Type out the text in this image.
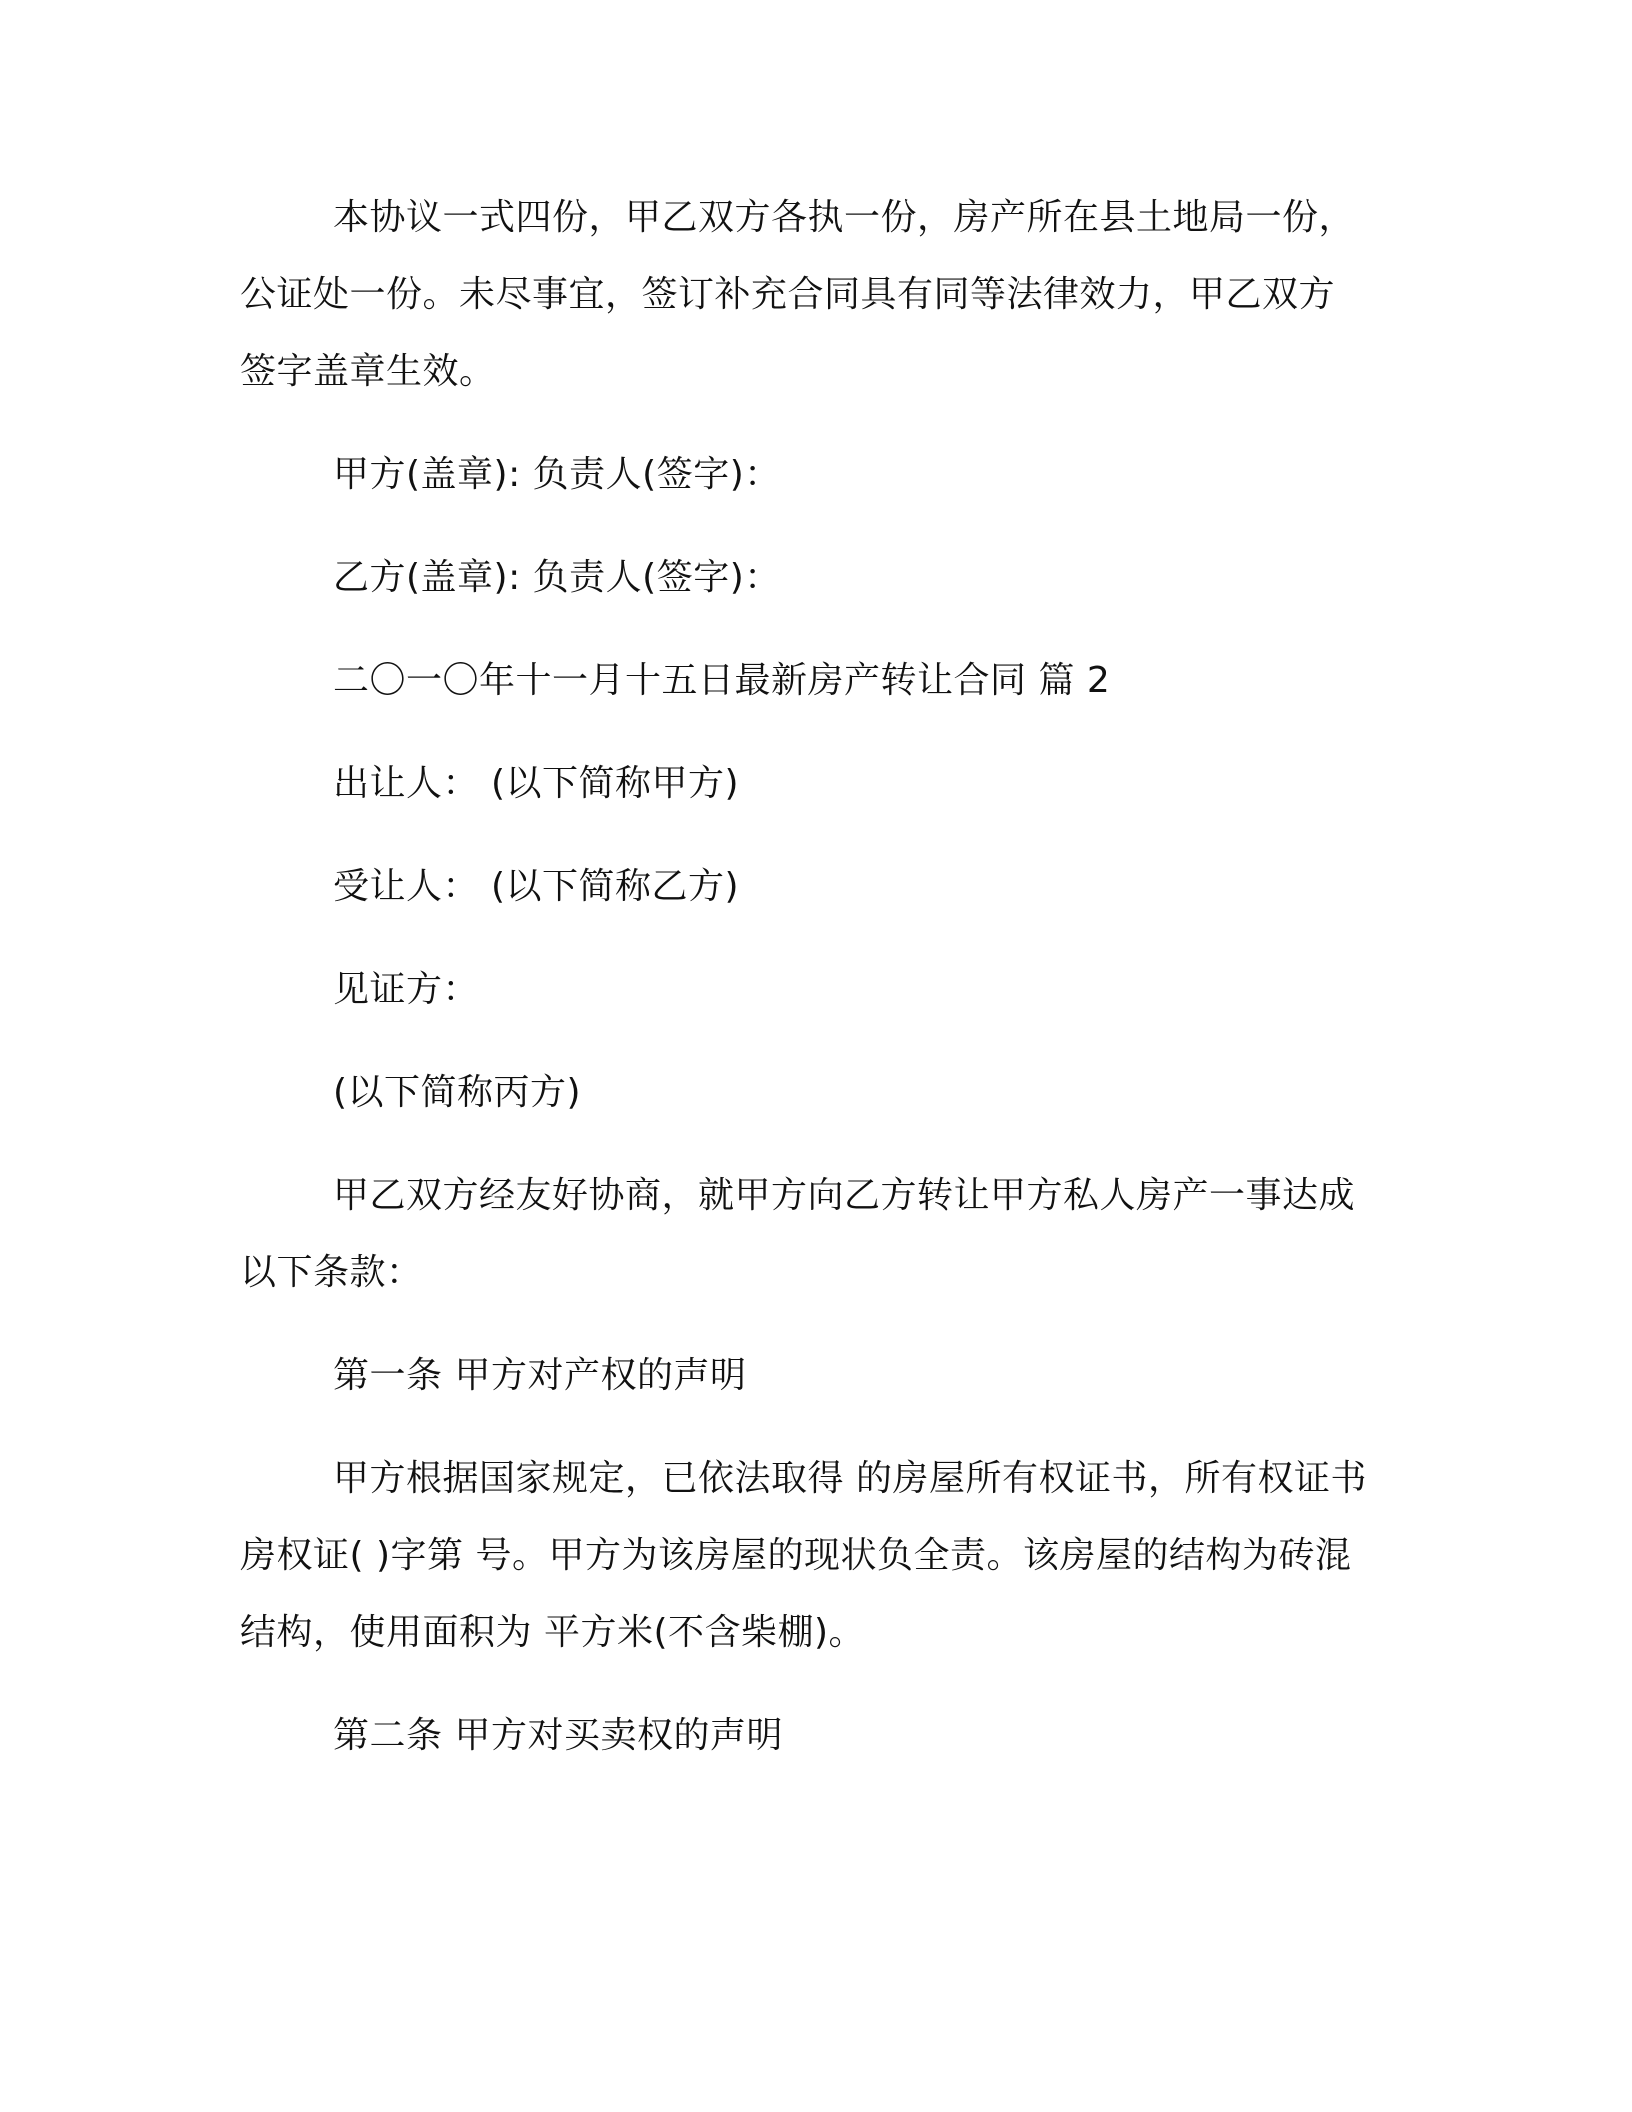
本协议一式四份，甲乙双方各执一份，房产所在县土地局一份，
公证处一份。未尽事宜，签订补充合同具有同等法律效力，甲乙双方
签字盖章生效。
甲方(盖章): 负责人(签字)：
乙方(盖章): 负责人(签字)：
二〇一〇年十一月十五日最新房产转让合同 篇 2
出让人： (以下简称甲方)
受让人： (以下简称乙方)
见证方：
(以下简称丙方)
甲乙双方经友好协商，就甲方向乙方转让甲方私人房产一事达成
以下条款：
第一条 甲方对产权的声明
甲方根据国家规定，已依法取得 的房屋所有权证书，所有权证书
房权证( )字第 号。甲方为该房屋的现状负全责。该房屋的结构为砖混
结构，使用面积为 平方米(不含柴棚)。
第二条 甲方对买卖权的声明
